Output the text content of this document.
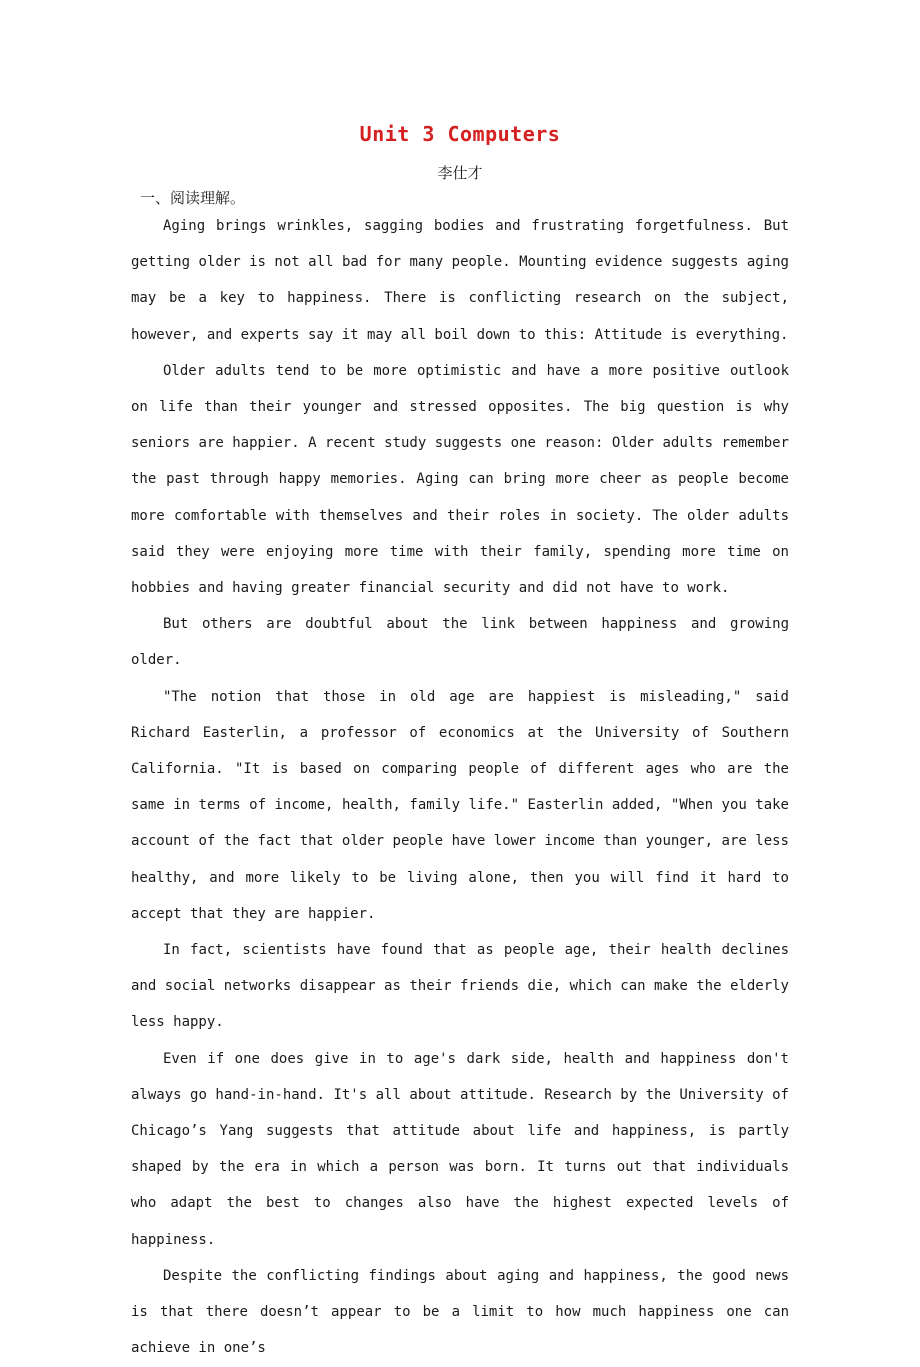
Unit 3 Computers
李仕才
一、阅读理解。

Aging brings wrinkles, sagging bodies and frustrating forgetfulness. But getting older is not all bad for many people. Mounting evidence suggests aging may be a key to happiness. There is conflicting research on the subject, however, and experts say it may all boil down to this: Attitude is everything.

Older adults tend to be more optimistic and have a more positive outlook on life than their younger and stressed opposites. The big question is why seniors are happier. A recent study suggests one reason: Older adults remember the past through happy memories. Aging can bring more cheer as people become more comfortable with themselves and their roles in society. The older adults said they were enjoying more time with their family, spending more time on hobbies and having greater financial security and did not have to work.

But others are doubtful about the link between happiness and growing older.

"The notion that those in old age are happiest is misleading," said Richard Easterlin, a professor of economics at the University of Southern California. "It is based on comparing people of different ages who are the same in terms of income, health, family life." Easterlin added, "When you take account of the fact that older people have lower income than younger, are less healthy, and more likely to be living alone, then you will find it hard to accept that they are happier.

In fact, scientists have found that as people age, their health declines and social networks disappear as their friends die, which can make the elderly less happy.

Even if one does give in to age's dark side, health and happiness don't always go hand-in-hand. It's all about attitude. Research by the University of Chicago’s Yang suggests that attitude about life and happiness, is partly shaped by the era in which a person was born. It turns out that individuals who adapt the best to changes also have the highest expected levels of happiness.

Despite the conflicting findings about aging and happiness, the good news is that there doesn’t appear to be a limit to how much happiness one can achieve in one’s
